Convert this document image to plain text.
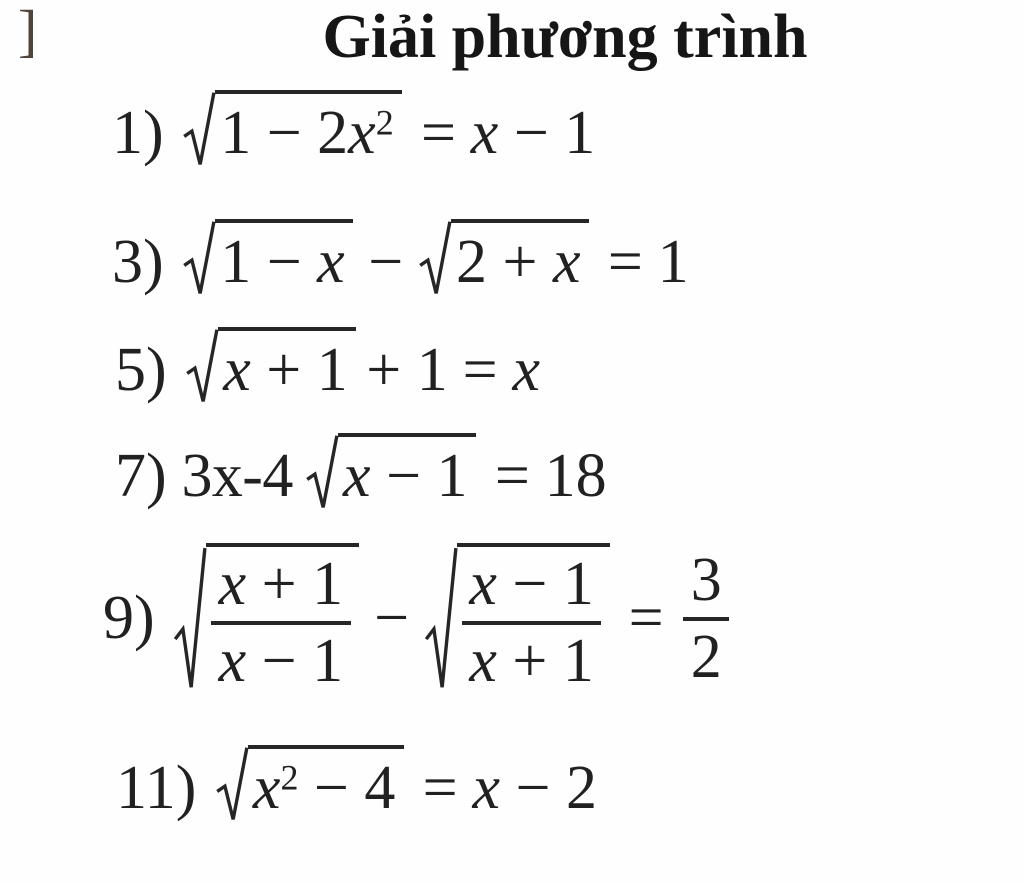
]	Giải phương trình
1) $1 - 2x^2 = x - 1$
3) 1 − x − 2 + x = 1
5) x + 1 + 1 = x
7) 3x-4 x − 1 = 18
$9) \frac{x + 1}{x - 1} - \frac{x - 1}{x + 1} = \frac{3}{2}$
11) $x^2 - 4 = x - 2$
